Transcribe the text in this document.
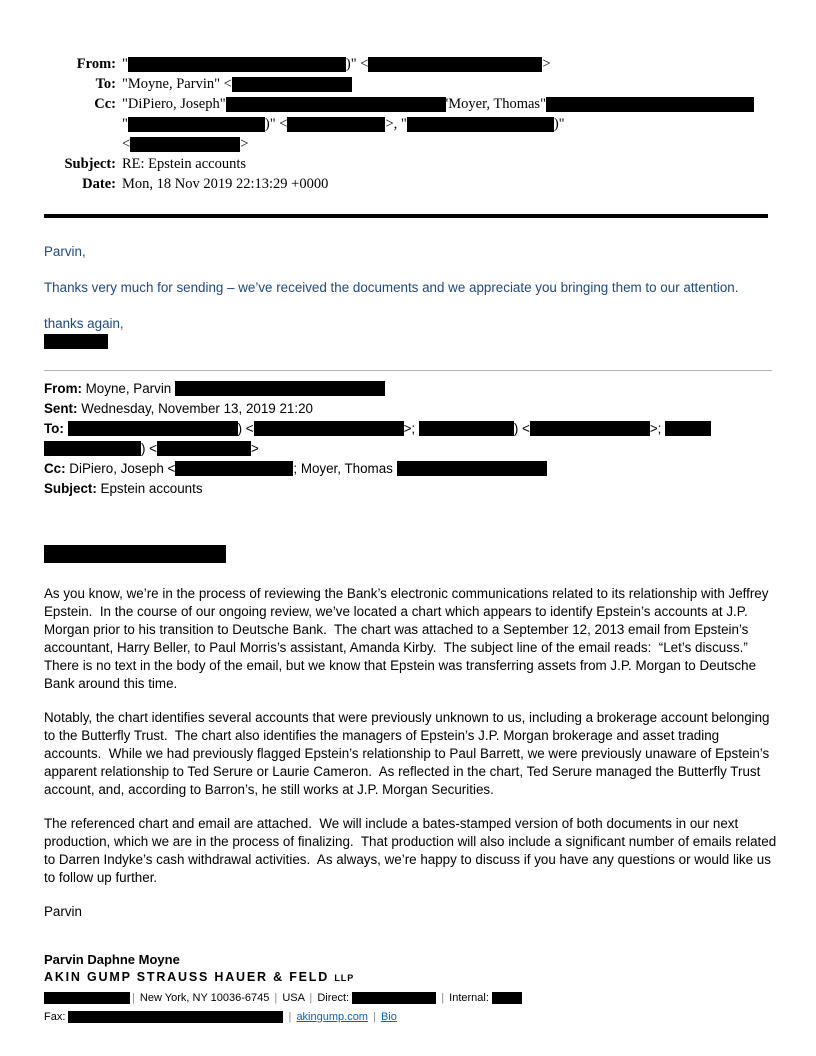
From: "	)" <	>
To: "Moyne, Parvin" <
Cc: "DiPiero, Joseph"	'Moyer, Thomas"
"	)" <	>, "	)"
<	>
Subject: RE: Epstein accounts
Date: Mon, 18 Nov 2019 22:13:29 +0000

Parvin,

Thanks very much for sending – we’ve received the documents and we appreciate you bringing them to our attention.

thanks again,

From: Moyne, Parvin
Sent: Wednesday, November 13, 2019 21:20
To:	) <	>;	) <	>;
) <	>
Cc: DiPiero, Joseph <	; Moyer, Thomas
Subject: Epstein accounts

As you know, we’re in the process of reviewing the Bank’s electronic communications related to its relationship with Jeffrey Epstein.  In the course of our ongoing review, we’ve located a chart which appears to identify Epstein’s accounts at J.P. Morgan prior to his transition to Deutsche Bank.  The chart was attached to a September 12, 2013 email from Epstein’s accountant, Harry Beller, to Paul Morris’s assistant, Amanda Kirby.  The subject line of the email reads:  “Let’s discuss.”  There is no text in the body of the email, but we know that Epstein was transferring assets from J.P. Morgan to Deutsche Bank around this time.

Notably, the chart identifies several accounts that were previously unknown to us, including a brokerage account belonging to the Butterfly Trust.  The chart also identifies the managers of Epstein’s J.P. Morgan brokerage and asset trading accounts.  While we had previously flagged Epstein’s relationship to Paul Barrett, we were previously unaware of Epstein’s apparent relationship to Ted Serure or Laurie Cameron.  As reflected in the chart, Ted Serure managed the Butterfly Trust account, and, according to Barron’s, he still works at J.P. Morgan Securities.

The referenced chart and email are attached.  We will include a bates-stamped version of both documents in our next production, which we are in the process of finalizing.  That production will also include a significant number of emails related to Darren Indyke’s cash withdrawal activities.  As always, we’re happy to discuss if you have any questions or would like us to follow up further.

Parvin

Parvin Daphne Moyne
AKIN GUMP STRAUSS HAUER & FELD LLP
| New York, NY 10036-6745 | USA | Direct:	| Internal:
Fax:	| akingump.com | Bio
